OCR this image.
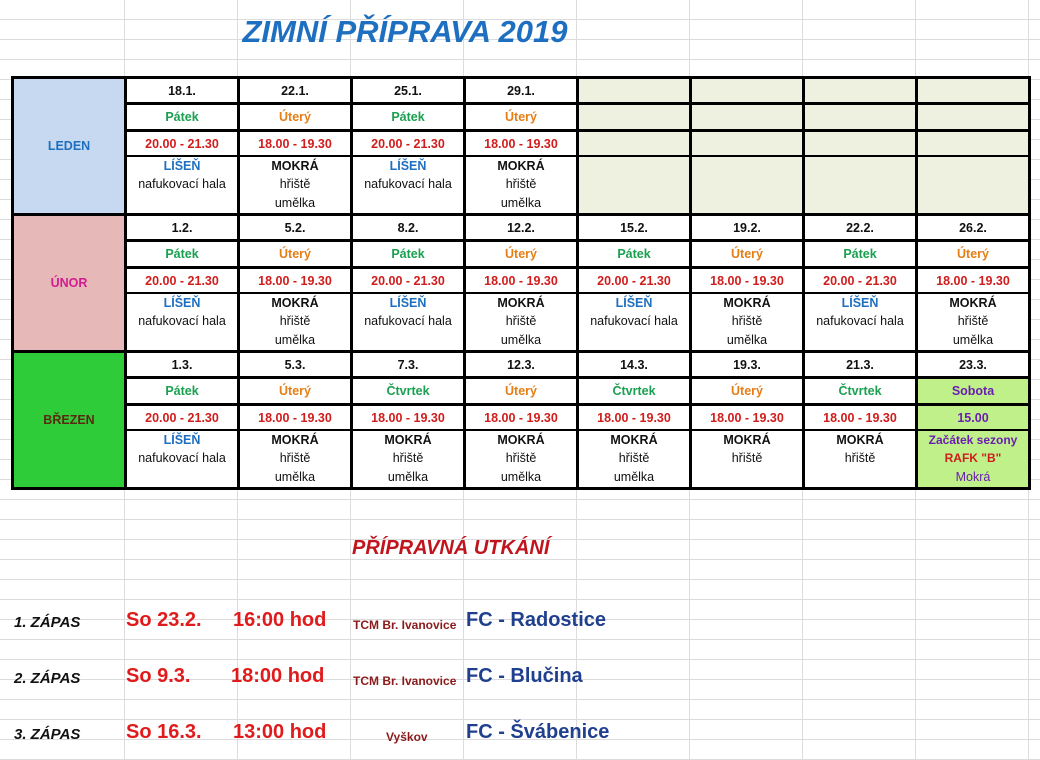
ZIMNÍ PŘÍPRAVA 2019
LEDEN	18.1.	22.1.	25.1.	29.1.				
	Pátek	Úterý	Pátek	Úterý				
	20.00 - 21.30	18.00 - 19.30	20.00 - 21.30	18.00 - 19.30				
	LÍŠEŇ	MOKRÁ	LÍŠEŇ	MOKRÁ				
	nafukovací hala	hřiště	nafukovací hala	hřiště				
		umělka		umělka				
ÚNOR	1.2.	5.2.	8.2.	12.2.	15.2.	19.2.	22.2.	26.2.
	Pátek	Úterý	Pátek	Úterý	Pátek	Úterý	Pátek	Úterý
	20.00 - 21.30	18.00 - 19.30	20.00 - 21.30	18.00 - 19.30	20.00 - 21.30	18.00 - 19.30	20.00 - 21.30	18.00 - 19.30
	LÍŠEŇ	MOKRÁ	LÍŠEŇ	MOKRÁ	LÍŠEŇ	MOKRÁ	LÍŠEŇ	MOKRÁ
	nafukovací hala	hřiště	nafukovací hala	hřiště	nafukovací hala	hřiště	nafukovací hala	hřiště
		umělka		umělka		umělka		umělka
BŘEZEN	1.3.	5.3.	7.3.	12.3.	14.3.	19.3.	21.3.	23.3.
	Pátek	Úterý	Čtvrtek	Úterý	Čtvrtek	Úterý	Čtvrtek	Sobota
	20.00 - 21.30	18.00 - 19.30	18.00 - 19.30	18.00 - 19.30	18.00 - 19.30	18.00 - 19.30	18.00 - 19.30	15.00
	LÍŠEŇ	MOKRÁ	MOKRÁ	MOKRÁ	MOKRÁ	MOKRÁ	MOKRÁ	Začátek sezony
	nafukovací hala	hřiště	hřiště	hřiště	hřiště	hřiště	hřiště	RAFK "B"
		umělka	umělka	umělka	umělka			Mokrá
PŘÍPRAVNÁ UTKÁNÍ
1. ZÁPAS So 23.2. 16:00 hod TCM Br. Ivanovice FC - Radostice
2. ZÁPAS So 9.3. 18:00 hod TCM Br. Ivanovice FC - Blučina
3. ZÁPAS So 16.3. 13:00 hod	Vyškov FC - Švábenice
